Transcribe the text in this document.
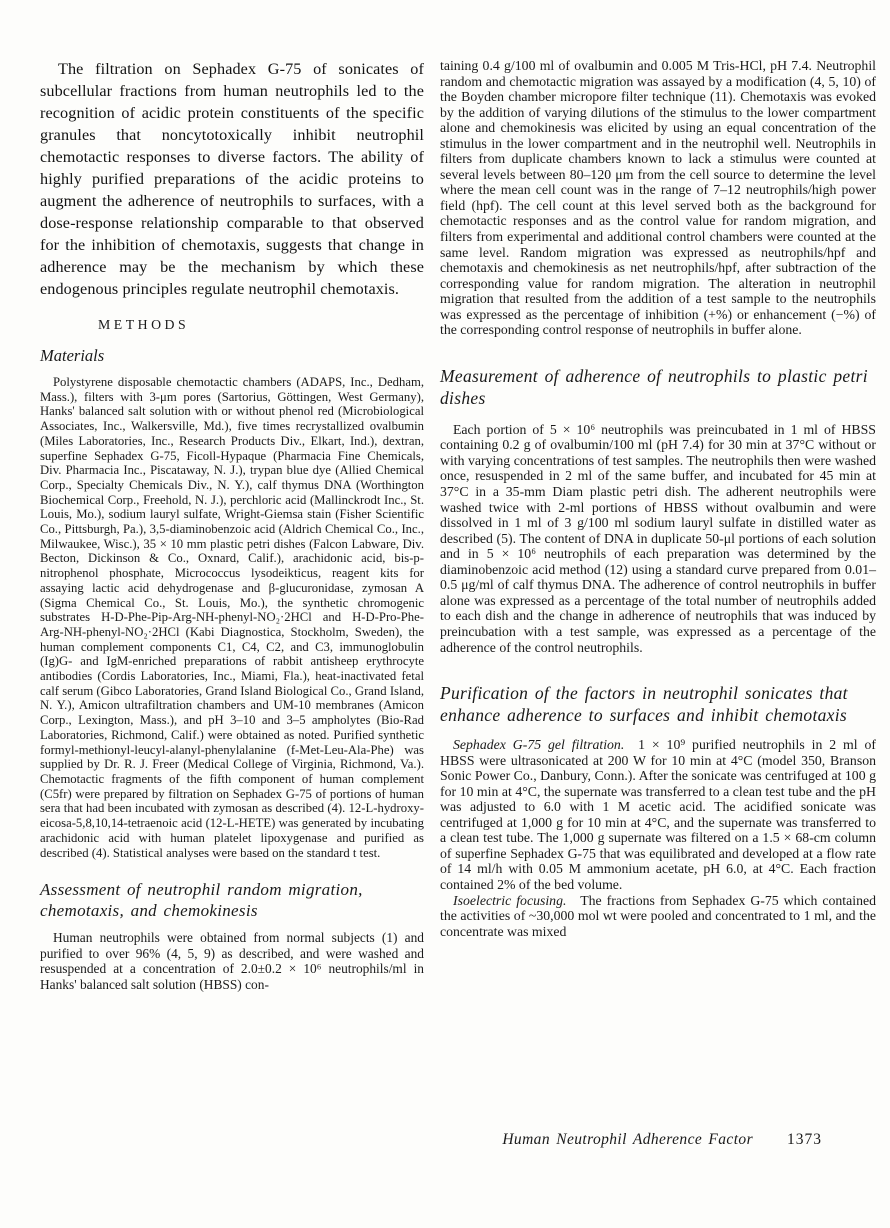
The filtration on Sephadex G-75 of sonicates of subcellular fractions from human neutrophils led to the recognition of acidic protein constituents of the specific granules that noncytotoxically inhibit neutrophil chemotactic responses to diverse factors. The ability of highly purified preparations of the acidic proteins to augment the adherence of neutrophils to surfaces, with a dose-response relationship comparable to that observed for the inhibition of chemotaxis, suggests that change in adherence may be the mechanism by which these endogenous principles regulate neutrophil chemotaxis.

METHODS
Materials

Polystyrene disposable chemotactic chambers (ADAPS, Inc., Dedham, Mass.), filters with 3-μm pores (Sartorius, Göttingen, West Germany), Hanks' balanced salt solution with or without phenol red (Microbiological Associates, Inc., Walkersville, Md.), five times recrystallized ovalbumin (Miles Laboratories, Inc., Research Products Div., Elkart, Ind.), dextran, superfine Sephadex G-75, Ficoll-Hypaque (Pharmacia Fine Chemicals, Div. Pharmacia Inc., Piscataway, N. J.), trypan blue dye (Allied Chemical Corp., Specialty Chemicals Div., N. Y.), calf thymus DNA (Worthington Biochemical Corp., Freehold, N. J.), perchloric acid (Mallinckrodt Inc., St. Louis, Mo.), sodium lauryl sulfate, Wright-Giemsa stain (Fisher Scientific Co., Pittsburgh, Pa.), 3,5-diaminobenzoic acid (Aldrich Chemical Co., Inc., Milwaukee, Wisc.), 35 × 10 mm plastic petri dishes (Falcon Labware, Div. Becton, Dickinson & Co., Oxnard, Calif.), arachidonic acid, bis-p-nitrophenol phosphate, Micrococcus lysodeikticus, reagent kits for assaying lactic acid dehydrogenase and β-glucuronidase, zymosan A (Sigma Chemical Co., St. Louis, Mo.), the synthetic chromogenic substrates H-D-Phe-Pip-Arg-NH-phenyl-NO₂·2HCl and H-D-Pro-Phe-Arg-NH-phenyl-NO₂·2HCl (Kabi Diagnostica, Stockholm, Sweden), the human complement components C1, C4, C2, and C3, immunoglobulin (Ig)G- and IgM-enriched preparations of rabbit antisheep erythrocyte antibodies (Cordis Laboratories, Inc., Miami, Fla.), heat-inactivated fetal calf serum (Gibco Laboratories, Grand Island Biological Co., Grand Island, N. Y.), Amicon ultrafiltration chambers and UM-10 membranes (Amicon Corp., Lexington, Mass.), and pH 3–10 and 3–5 ampholytes (Bio-Rad Laboratories, Richmond, Calif.) were obtained as noted. Purified synthetic formyl-methionyl-leucyl-alanyl-phenylalanine (f-Met-Leu-Ala-Phe) was supplied by Dr. R. J. Freer (Medical College of Virginia, Richmond, Va.). Chemotactic fragments of the fifth component of human complement (C5fr) were prepared by filtration on Sephadex G-75 of portions of human sera that had been incubated with zymosan as described (4). 12-L-hydroxy-eicosa-5,8,10,14-tetraenoic acid (12-L-HETE) was generated by incubating arachidonic acid with human platelet lipoxygenase and purified as described (4). Statistical analyses were based on the standard t test.

Assessment of neutrophil random migration, chemotaxis, and chemokinesis

Human neutrophils were obtained from normal subjects (1) and purified to over 96% (4, 5, 9) as described, and were washed and resuspended at a concentration of 2.0±0.2 × 10⁶ neutrophils/ml in Hanks' balanced salt solution (HBSS) con-

taining 0.4 g/100 ml of ovalbumin and 0.005 M Tris-HCl, pH 7.4. Neutrophil random and chemotactic migration was assayed by a modification (4, 5, 10) of the Boyden chamber micropore filter technique (11). Chemotaxis was evoked by the addition of varying dilutions of the stimulus to the lower compartment alone and chemokinesis was elicited by using an equal concentration of the stimulus in the lower compartment and in the neutrophil well. Neutrophils in filters from duplicate chambers known to lack a stimulus were counted at several levels between 80–120 μm from the cell source to determine the level where the mean cell count was in the range of 7–12 neutrophils/high power field (hpf). The cell count at this level served both as the background for chemotactic responses and as the control value for random migration, and filters from experimental and additional control chambers were counted at the same level. Random migration was expressed as neutrophils/hpf and chemotaxis and chemokinesis as net neutrophils/hpf, after subtraction of the corresponding value for random migration. The alteration in neutrophil migration that resulted from the addition of a test sample to the neutrophils was expressed as the percentage of inhibition (+%) or enhancement (−%) of the corresponding control response of neutrophils in buffer alone.

Measurement of adherence of neutrophils to plastic petri dishes

Each portion of 5 × 10⁶ neutrophils was preincubated in 1 ml of HBSS containing 0.2 g of ovalbumin/100 ml (pH 7.4) for 30 min at 37°C without or with varying concentrations of test samples. The neutrophils then were washed once, resuspended in 2 ml of the same buffer, and incubated for 45 min at 37°C in a 35-mm Diam plastic petri dish. The adherent neutrophils were washed twice with 2-ml portions of HBSS without ovalbumin and were dissolved in 1 ml of 3 g/100 ml sodium lauryl sulfate in distilled water as described (5). The content of DNA in duplicate 50-μl portions of each solution and in 5 × 10⁶ neutrophils of each preparation was determined by the diaminobenzoic acid method (12) using a standard curve prepared from 0.01–0.5 μg/ml of calf thymus DNA. The adherence of control neutrophils in buffer alone was expressed as a percentage of the total number of neutrophils added to each dish and the change in adherence of neutrophils that was induced by preincubation with a test sample, was expressed as a percentage of the adherence of the control neutrophils.

Purification of the factors in neutrophil sonicates that enhance adherence to surfaces and inhibit chemotaxis

Sephadex G-75 gel filtration.  1 × 10⁹ purified neutrophils in 2 ml of HBSS were ultrasonicated at 200 W for 10 min at 4°C (model 350, Branson Sonic Power Co., Danbury, Conn.). After the sonicate was centrifuged at 100 g for 10 min at 4°C, the supernate was transferred to a clean test tube and the pH was adjusted to 6.0 with 1 M acetic acid. The acidified sonicate was centrifuged at 1,000 g for 10 min at 4°C, and the supernate was transferred to a clean test tube. The 1,000 g supernate was filtered on a 1.5 × 68-cm column of superfine Sephadex G-75 that was equilibrated and developed at a flow rate of 14 ml/h with 0.05 M ammonium acetate, pH 6.0, at 4°C. Each fraction contained 2% of the bed volume.

Isoelectric focusing.  The fractions from Sephadex G-75 which contained the activities of ~30,000 mol wt were pooled and concentrated to 1 ml, and the concentrate was mixed

Human Neutrophil Adherence Factor 1373
